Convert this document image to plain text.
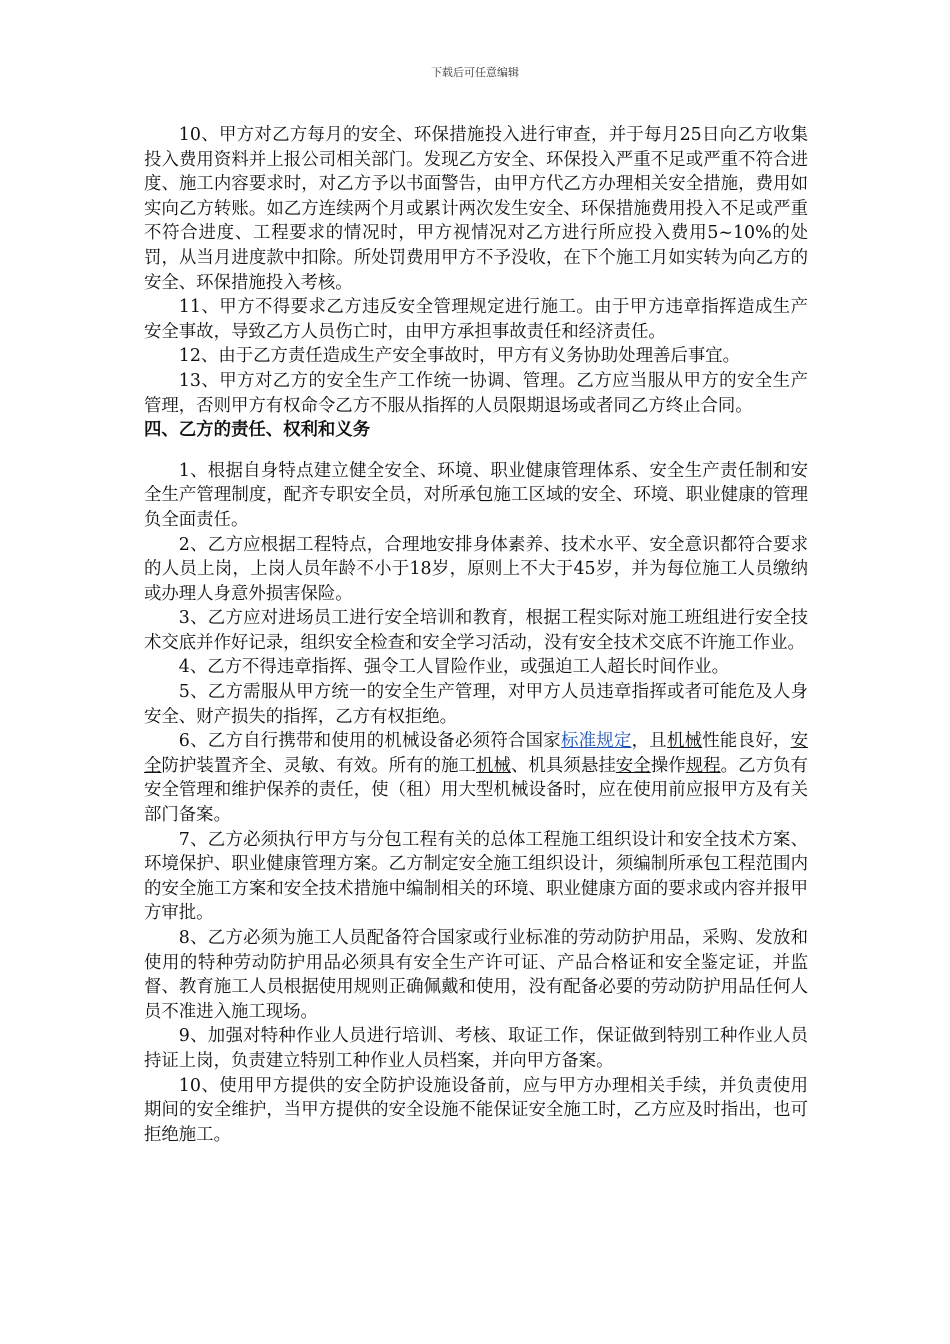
下载后可任意编辑

10、甲方对乙方每月的安全、环保措施投入进行审查，并于每月25日向乙方收集投入费用资料并上报公司相关部门。发现乙方安全、环保投入严重不足或严重不符合进度、施工内容要求时，对乙方予以书面警告，由甲方代乙方办理相关安全措施，费用如实向乙方转账。如乙方连续两个月或累计两次发生安全、环保措施费用投入不足或严重不符合进度、工程要求的情况时，甲方视情况对乙方进行所应投入费用5~10%的处罚，从当月进度款中扣除。所处罚费用甲方不予没收，在下个施工月如实转为向乙方的安全、环保措施投入考核。

11、甲方不得要求乙方违反安全管理规定进行施工。由于甲方违章指挥造成生产安全事故，导致乙方人员伤亡时，由甲方承担事故责任和经济责任。

12、由于乙方责任造成生产安全事故时，甲方有义务协助处理善后事宜。

13、甲方对乙方的安全生产工作统一协调、管理。乙方应当服从甲方的安全生产管理，否则甲方有权命令乙方不服从指挥的人员限期退场或者同乙方终止合同。

四、乙方的责任、权利和义务

1、根据自身特点建立健全安全、环境、职业健康管理体系、安全生产责任制和安全生产管理制度，配齐专职安全员，对所承包施工区域的安全、环境、职业健康的管理负全面责任。

2、乙方应根据工程特点，合理地安排身体素养、技术水平、安全意识都符合要求的人员上岗，上岗人员年龄不小于18岁，原则上不大于45岁，并为每位施工人员缴纳或办理人身意外损害保险。

3、乙方应对进场员工进行安全培训和教育，根据工程实际对施工班组进行安全技术交底并作好记录，组织安全检查和安全学习活动，没有安全技术交底不许施工作业。

4、乙方不得违章指挥、强令工人冒险作业，或强迫工人超长时间作业。

5、乙方需服从甲方统一的安全生产管理，对甲方人员违章指挥或者可能危及人身安全、财产损失的指挥，乙方有权拒绝。

6、乙方自行携带和使用的机械设备必须符合国家标准规定，且机械性能良好，安全防护装置齐全、灵敏、有效。所有的施工机械、机具须悬挂安全操作规程。乙方负有安全管理和维护保养的责任，使（租）用大型机械设备时，应在使用前应报甲方及有关部门备案。

7、乙方必须执行甲方与分包工程有关的总体工程施工组织设计和安全技术方案、环境保护、职业健康管理方案。乙方制定安全施工组织设计，须编制所承包工程范围内的安全施工方案和安全技术措施中编制相关的环境、职业健康方面的要求或内容并报甲方审批。

8、乙方必须为施工人员配备符合国家或行业标准的劳动防护用品，采购、发放和使用的特种劳动防护用品必须具有安全生产许可证、产品合格证和安全鉴定证，并监督、教育施工人员根据使用规则正确佩戴和使用，没有配备必要的劳动防护用品任何人员不准进入施工现场。

9、加强对特种作业人员进行培训、考核、取证工作，保证做到特别工种作业人员持证上岗，负责建立特别工种作业人员档案，并向甲方备案。

10、使用甲方提供的安全防护设施设备前，应与甲方办理相关手续，并负责使用期间的安全维护，当甲方提供的安全设施不能保证安全施工时，乙方应及时指出，也可拒绝施工。
